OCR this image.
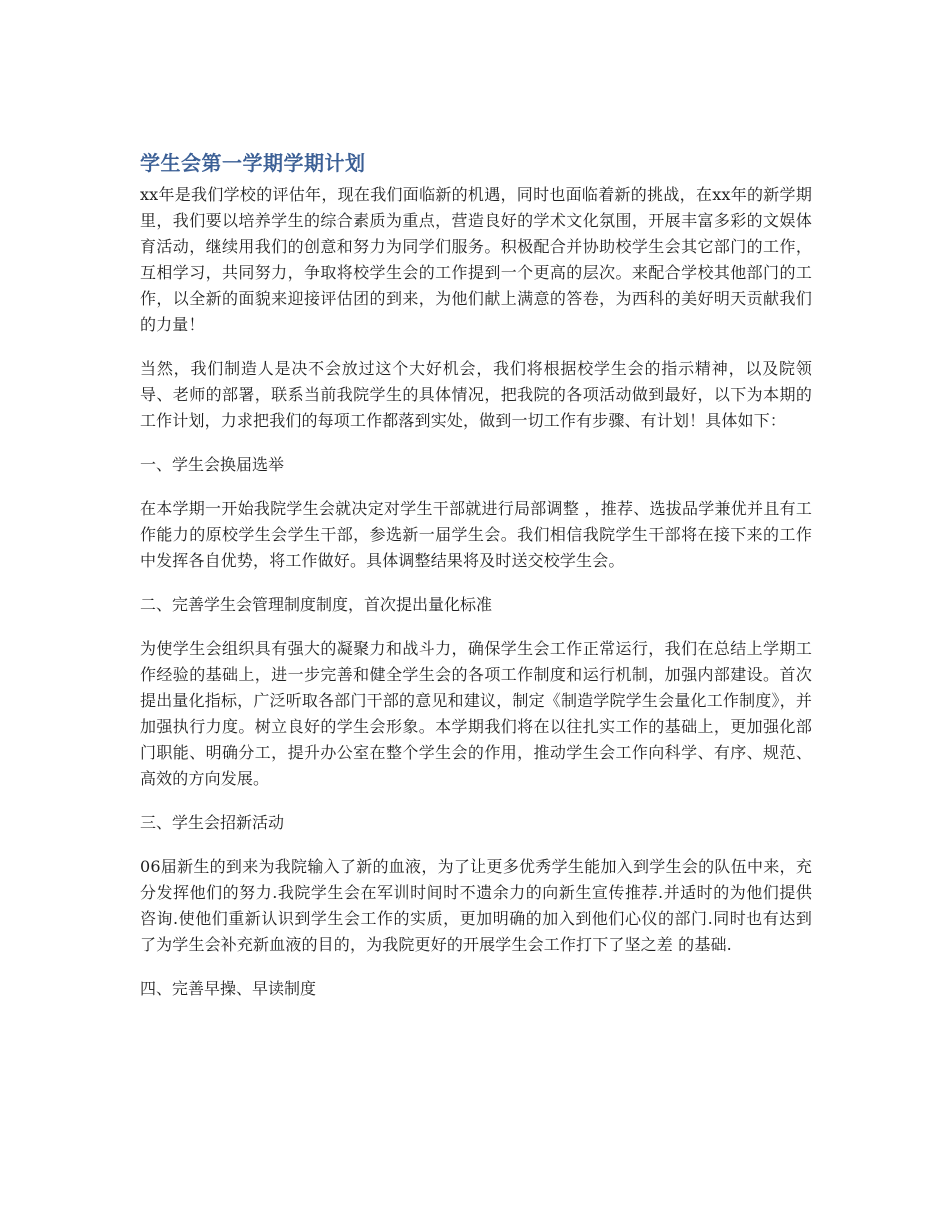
学生会第一学期学期计划

xx年是我们学校的评估年，现在我们面临新的机遇，同时也面临着新的挑战，在xx年的新学期里，我们要以培养学生的综合素质为重点，营造良好的学术文化氛围，开展丰富多彩的文娱体育活动，继续用我们的创意和努力为同学们服务。积极配合并协助校学生会其它部门的工作，互相学习，共同努力，争取将校学生会的工作提到一个更高的层次。来配合学校其他部门的工作，以全新的面貌来迎接评估团的到来，为他们献上满意的答卷，为西科的美好明天贡献我们的力量！

当然，我们制造人是决不会放过这个大好机会，我们将根据校学生会的指示精神，以及院领导、老师的部署，联系当前我院学生的具体情况，把我院的各项活动做到最好，以下为本期的工作计划，力求把我们的每项工作都落到实处，做到一切工作有步骤、有计划！具体如下：

一、学生会换届选举

在本学期一开始我院学生会就决定对学生干部就进行局部调整 ，推荐、选拔品学兼优并且有工作能力的原校学生会学生干部，参选新一届学生会。我们相信我院学生干部将在接下来的工作中发挥各自优势，将工作做好。具体调整结果将及时送交校学生会。

二、完善学生会管理制度制度，首次提出量化标准

为使学生会组织具有强大的凝聚力和战斗力，确保学生会工作正常运行，我们在总结上学期工作经验的基础上，进一步完善和健全学生会的各项工作制度和运行机制，加强内部建设。首次提出量化指标，广泛听取各部门干部的意见和建议，制定《制造学院学生会量化工作制度》，并加强执行力度。树立良好的学生会形象。本学期我们将在以往扎实工作的基础上，更加强化部门职能、明确分工，提升办公室在整个学生会的作用，推动学生会工作向科学、有序、规范、高效的方向发展。

三、学生会招新活动

06届新生的到来为我院输入了新的血液，为了让更多优秀学生能加入到学生会的队伍中来，充分发挥他们的努力.我院学生会在军训时间时不遗余力的向新生宣传推荐.并适时的为他们提供咨询.使他们重新认识到学生会工作的实质，更加明确的加入到他们心仪的部门.同时也有达到了为学生会补充新血液的目的，为我院更好的开展学生会工作打下了坚之差 的基础.

四、完善早操、早读制度
